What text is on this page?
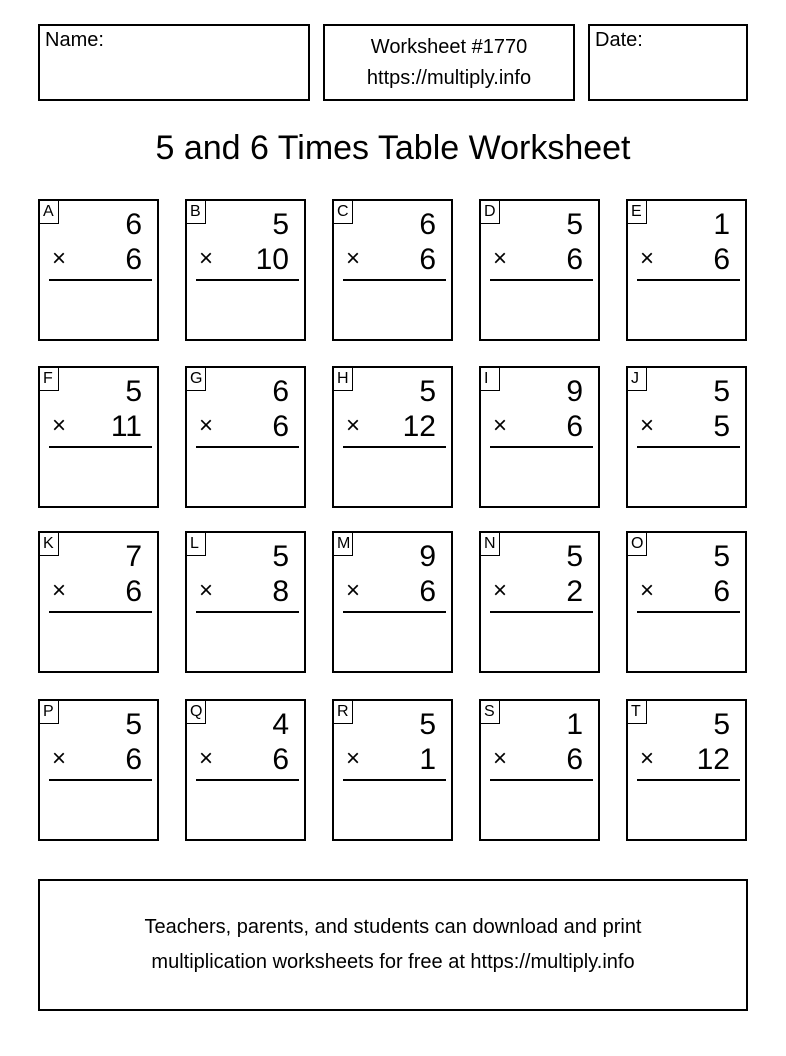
Name:	Worksheet #1770
https://multiply.info
Date:
5 and 6 Times Table Worksheet
A 6
× 6
B 5
× 10
C 6
× 6
D 5
× 6
E 1
× 6
F 5
× 11
G 6
× 6
H 5
× 12
I	9
× 6
J 5
× 5
K 7
× 6
L 5
× 8
M 9
× 6
N 5
× 2
O 5
× 6
P 5
× 6
Q 4
× 6
R 5
× 1
S 1
× 6
T 5
× 12
Teachers, parents, and students can download and print
multiplication worksheets for free at https://multiply.info
